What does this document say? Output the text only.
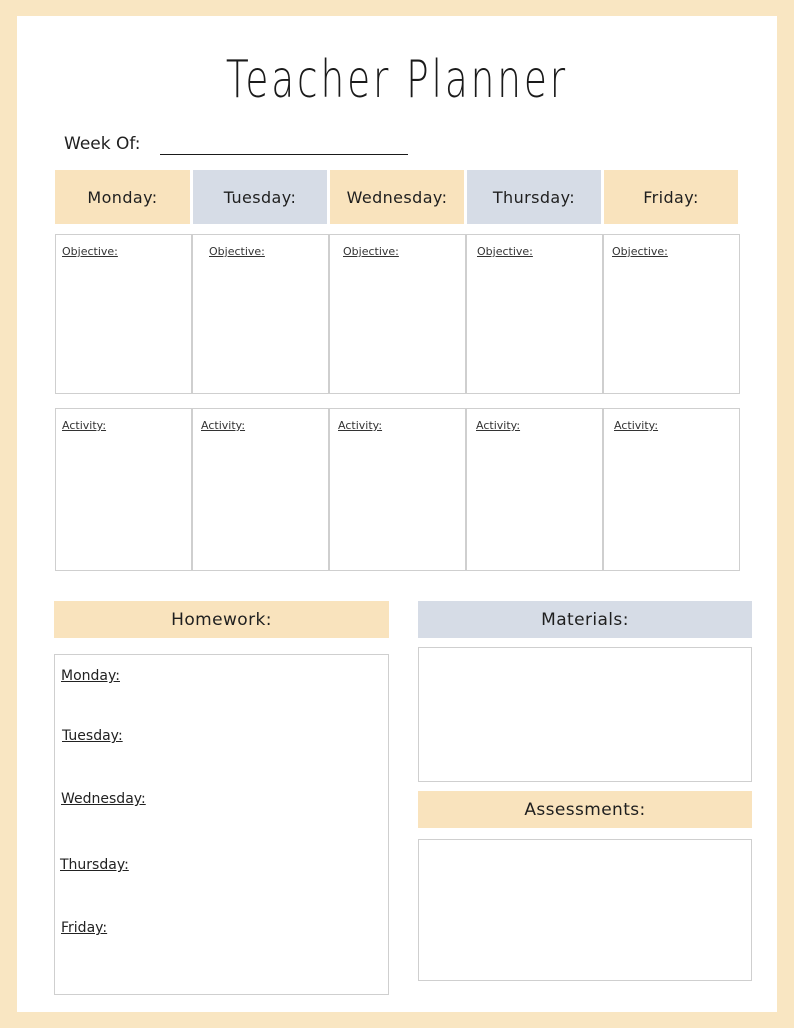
Teacher Planner
Week Of:
Monday:	Tuesday:	Wednesday:	Thursday:	Friday:
Objective:	Objective:	Objective:	Objective:	Objective:
Activity:	Activity:	Activity:	Activity:	Activity:
Homework:
Monday:
Tuesday:
Wednesday:
Thursday:
Friday:
Materials:
Assessments:
